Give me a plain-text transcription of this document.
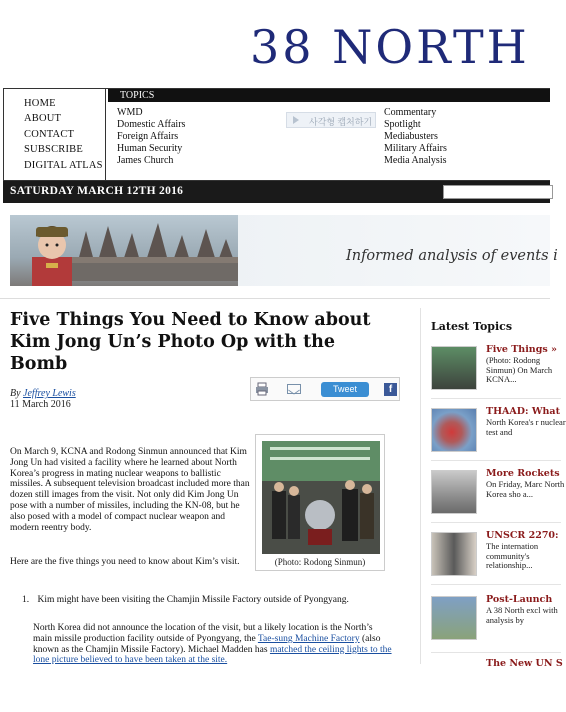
38 NORTH
HOME
ABOUT
CONTACT
SUBSCRIBE
DIGITAL ATLAS
TOPICS
WMD
Domestic Affairs
Foreign Affairs
Human Security
James Church
Commentary
Spotlight
Mediabusters
Military Affairs
Media Analysis
사각형 캡처하기
SATURDAY MARCH 12TH 2016
Informed analysis of events i
Five Things You Need to Know about Kim Jong Un’s Photo Op with the Bomb
By Jeffrey Lewis
11 March 2016
Tweet	f

On March 9, KCNA and Rodong Sinmun announced that Kim Jong Un had visited a facility where he learned about North Korea’s progress in mating nuclear weapons to ballistic missiles. A subsequent television broadcast included more than dozen still images from the visit. Not only did Kim Jong Un pose with a number of missiles, including the KN-08, but he also posed with a model of compact nuclear weapon and modern reentry body.

Here are the five things you need to know about Kim’s visit.	(Photo: Rodong Sinmun)
1. Kim might have been visiting the Chamjin Missile Factory outside of Pyongyang.

North Korea did not announce the location of the visit, but a likely location is the North’s main missile production facility outside of Pyongyang, the Tae-sung Machine Factory (also known as the Chamjin Missile Factory). Michael Madden has matched the ceiling lights to the lone picture believed to have been taken at the site.

Latest Topics
Five Things »
(Photo: Rodong Sinmun) On March KCNA...
THAAD: What
North Korea's r nuclear test and
More Rockets
On Friday, Marc North Korea sho a...
UNSCR 2270:
The internation community's relationship...
Post-Launch
A 38 North excl with analysis by
The New UN S
